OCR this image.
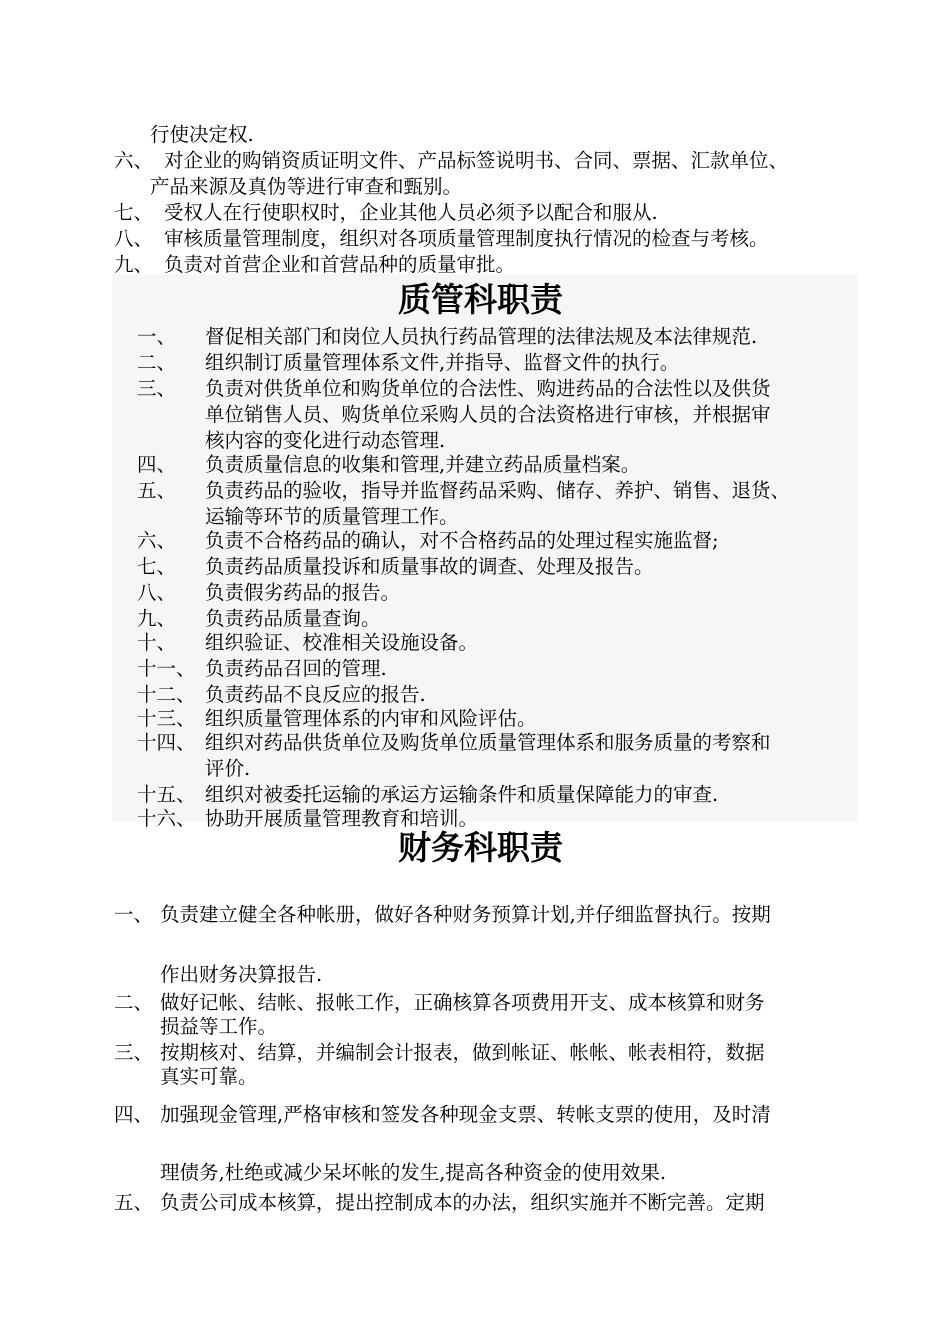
行使决定权.
六、 对企业的购销资质证明文件、产品标签说明书、合同、票据、汇款单位、
产品来源及真伪等进行审查和甄别。
七、 受权人在行使职权时，企业其他人员必须予以配合和服从.
八、 审核质量管理制度，组织对各项质量管理制度执行情况的检查与考核。
九、 负责对首营企业和首营品种的质量审批。
质管科职责
一、 督促相关部门和岗位人员执行药品管理的法律法规及本法律规范.
二、 组织制订质量管理体系文件,并指导、监督文件的执行。
三、 负责对供货单位和购货单位的合法性、购进药品的合法性以及供货
单位销售人员、购货单位采购人员的合法资格进行审核，并根据审
核内容的变化进行动态管理.
四、 负责质量信息的收集和管理,并建立药品质量档案。
五、 负责药品的验收，指导并监督药品采购、储存、养护、销售、退货、
运输等环节的质量管理工作。
六、 负责不合格药品的确认，对不合格药品的处理过程实施监督;
七、 负责药品质量投诉和质量事故的调查、处理及报告。
八、 负责假劣药品的报告。
九、 负责药品质量查询。
十、 组织验证、校准相关设施设备。
十一、 负责药品召回的管理.
十二、 负责药品不良反应的报告.
十三、 组织质量管理体系的内审和风险评估。
十四、 组织对药品供货单位及购货单位质量管理体系和服务质量的考察和
评价.
十五、 组织对被委托运输的承运方运输条件和质量保障能力的审查.
十六、 协助开展质量管理教育和培训。
财务科职责
一、 负责建立健全各种帐册，做好各种财务预算计划,并仔细监督执行。按期
作出财务决算报告.
二、 做好记帐、结帐、报帐工作，正确核算各项费用开支、成本核算和财务
损益等工作。
三、 按期核对、结算，并编制会计报表，做到帐证、帐帐、帐表相符，数据
真实可靠。
四、 加强现金管理,严格审核和签发各种现金支票、转帐支票的使用，及时清
理债务,杜绝或减少呆坏帐的发生,提高各种资金的使用效果.
五、 负责公司成本核算，提出控制成本的办法，组织实施并不断完善。定期
